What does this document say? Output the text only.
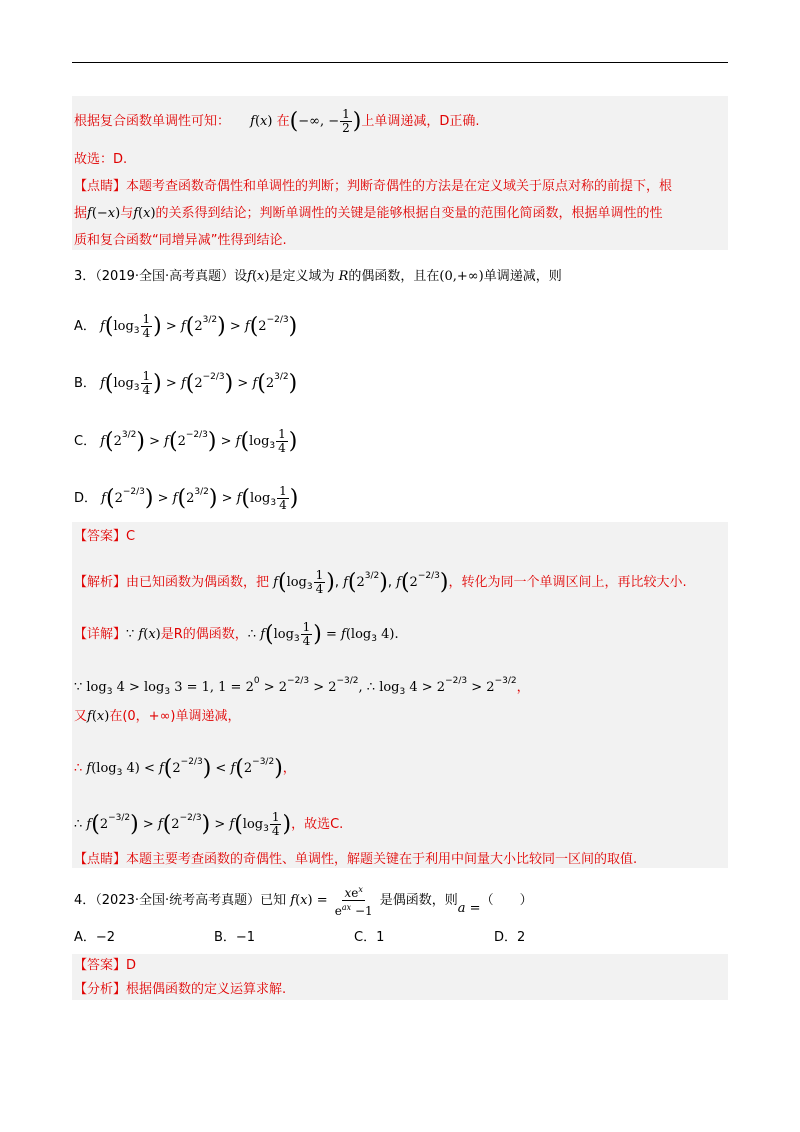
根据复合函数单调性可知： f(x) 在(−∞, − $\frac{1}{2}$ )上单调递减，D正确.
故选：D.
【点睛】本题考查函数奇偶性和单调性的判断；判断奇偶性的方法是在定义域关于原点对称的前提下，根
据f(−x)与f(x)的关系得到结论；判断单调性的关键是能够根据自变量的范围化简函数，根据单调性的性
质和复合函数“同增异减”性得到结论.
3．（2019·全国·高考真题）设f(x)是定义域为 R的偶函数，且在(0,+∞)单调递减，则
A． $f(\log_3 \frac{1}{4}$ ) > $f(2^{3/2}) > f(2^{-2/3})$
B． $f(\log_3 \frac{1}{4}$ ) > $f(2^{-2/3}) > f(2^{3/2})$
C． $f(2^{3/2}) > f(2^{-2/3}) > f(\log_3 \frac{1}{4}$ )
D． $f(2^{-2/3}) > f(2^{3/2}) > f(\log_3 \frac{1}{4}$ )
【答案】C
【解析】由已知函数为偶函数，把 $f(\log_3 \frac{1}{4}$ ), $f(2^{3/2})$, $f(2^{-2/3})$，转化为同一个单调区间上，再比较大小.
【详解】∵ f(x)是R的偶函数，∴ $f(\log_3 \frac{1}{4}$ ) = $f(\log_3$ 4).
∵ $\log_3 4 > \log_3 3 = 1$, $1 = 2^0 > 2^{-2/3} > 2^{-3/2}$, ∴ $\log_3 4 > 2^{-2/3} > 2^{-3/2}$，
又f(x)在(0，+∞)单调递减，
∴ $f(\log_3$ $4) < f(2^{-2/3}) < f(2^{-3/2})$，
∴ $f(2^{-3/2}) > f(2^{-2/3}) > f(\log_3 \frac{1}{4}$ )，故选C.
【点睛】本题主要考查函数的奇偶性、单调性，解题关键在于利用中间量大小比较同一区间的取值.
4．（2023·全国·统考高考真题）已知 $f(x) = \frac{xe^x}{e^{ax} -1}$ 是偶函数，则a =（　　）
A．−2	B．−1	C．1	D．2
【答案】D
【分析】根据偶函数的定义运算求解.
